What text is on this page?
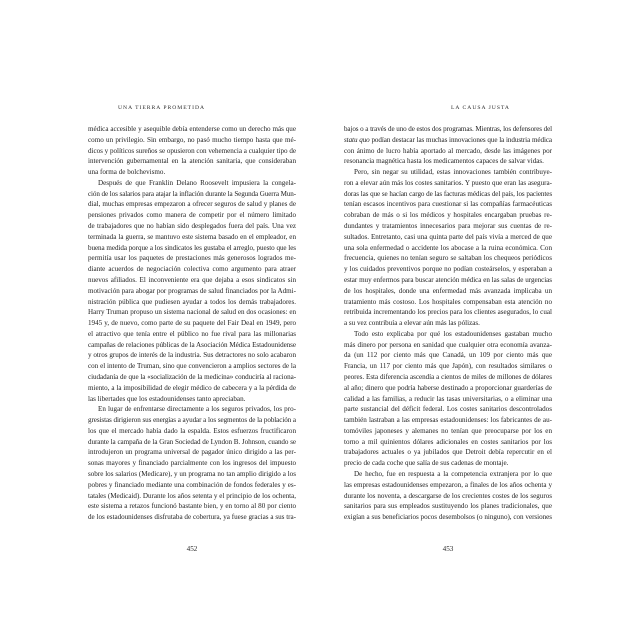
UNA TIERRA PROMETIDA
médica accesible y asequible debía entenderse como un derecho más que
como un privilegio. Sin embargo, no pasó mucho tiempo hasta que mé-
dicos y políticos sureños se opusieron con vehemencia a cualquier tipo de
intervención gubernamental en la atención sanitaria, que consideraban
una forma de bolchevismo.
Después de que Franklin Delano Roosevelt impusiera la congela-
ción de los salarios para atajar la inflación durante la Segunda Guerra Mun-
dial, muchas empresas empezaron a ofrecer seguros de salud y planes de
pensiones privados como manera de competir por el número limitado
de trabajadores que no habían sido desplegados fuera del país. Una vez
terminada la guerra, se mantuvo este sistema basado en el empleador, en
buena medida porque a los sindicatos les gustaba el arreglo, puesto que les
permitía usar los paquetes de prestaciones más generosos logrados me-
diante acuerdos de negociación colectiva como argumento para atraer
nuevos afiliados. El inconveniente era que dejaba a esos sindicatos sin
motivación para abogar por programas de salud financiados por la Admi-
nistración pública que pudiesen ayudar a todos los demás trabajadores.
Harry Truman propuso un sistema nacional de salud en dos ocasiones: en
1945 y, de nuevo, como parte de su paquete del Fair Deal en 1949, pero
el atractivo que tenía entre el público no fue rival para las millonarias
campañas de relaciones públicas de la Asociación Médica Estadounidense
y otros grupos de interés de la industria. Sus detractores no solo acabaron
con el intento de Truman, sino que convencieron a amplios sectores de la
ciudadanía de que la «socialización de la medicina» conduciría al raciona-
miento, a la imposibilidad de elegir médico de cabecera y a la pérdida de
las libertades que los estadounidenses tanto apreciaban.
En lugar de enfrentarse directamente a los seguros privados, los pro-
gresistas dirigieron sus energías a ayudar a los segmentos de la población a
los que el mercado había dado la espalda. Estos esfuerzos fructificaron
durante la campaña de la Gran Sociedad de Lyndon B. Johnson, cuando se
introdujeron un programa universal de pagador único dirigido a las per-
sonas mayores y financiado parcialmente con los ingresos del impuesto
sobre los salarios (Medicare), y un programa no tan amplio dirigido a los
pobres y financiado mediante una combinación de fondos federales y es-
tatales (Medicaid). Durante los años setenta y el principio de los ochenta,
este sistema a retazos funcionó bastante bien, y en torno al 80 por ciento
de los estadounidenses disfrutaba de cobertura, ya fuese gracias a sus tra-
452
LA CAUSA JUSTA
bajos o a través de uno de estos dos programas. Mientras, los defensores del
statu quo podían destacar las muchas innovaciones que la industria médica
con ánimo de lucro había aportado al mercado, desde las imágenes por
resonancia magnética hasta los medicamentos capaces de salvar vidas.
Pero, sin negar su utilidad, estas innovaciones también contribuye-
ron a elevar aún más los costes sanitarios. Y puesto que eran las asegura-
doras las que se hacían cargo de las facturas médicas del país, los pacientes
tenían escasos incentivos para cuestionar si las compañías farmacéuticas
cobraban de más o si los médicos y hospitales encargaban pruebas re-
dundantes y tratamientos innecesarios para mejorar sus cuentas de re-
sultados. Entretanto, casi una quinta parte del país vivía a merced de que
una sola enfermedad o accidente los abocase a la ruina económica. Con
frecuencia, quienes no tenían seguro se saltaban los chequeos periódicos
y los cuidados preventivos porque no podían costeárselos, y esperaban a
estar muy enfermos para buscar atención médica en las salas de urgencias
de los hospitales, donde una enfermedad más avanzada implicaba un
tratamiento más costoso. Los hospitales compensaban esta atención no
retribuida incrementando los precios para los clientes asegurados, lo cual
a su vez contribuía a elevar aún más las pólizas.
Todo esto explicaba por qué los estadounidenses gastaban mucho
más dinero por persona en sanidad que cualquier otra economía avanza-
da (un 112 por ciento más que Canadá, un 109 por ciento más que
Francia, un 117 por ciento más que Japón), con resultados similares o
peores. Esta diferencia ascendía a cientos de miles de millones de dólares
al año; dinero que podría haberse destinado a proporcionar guarderías de
calidad a las familias, a reducir las tasas universitarias, o a eliminar una
parte sustancial del déficit federal. Los costes sanitarios descontrolados
también lastraban a las empresas estadounidenses: los fabricantes de au-
tomóviles japoneses y alemanes no tenían que preocuparse por los en
torno a mil quinientos dólares adicionales en costes sanitarios por los
trabajadores actuales o ya jubilados que Detroit debía repercutir en el
precio de cada coche que salía de sus cadenas de montaje.
De hecho, fue en respuesta a la competencia extranjera por lo que
las empresas estadounidenses empezaron, a finales de los años ochenta y
durante los noventa, a descargarse de los crecientes costes de los seguros
sanitarios para sus empleados sustituyendo los planes tradicionales, que
exigían a sus beneficiarios pocos desembolsos (o ninguno), con versiones
453
